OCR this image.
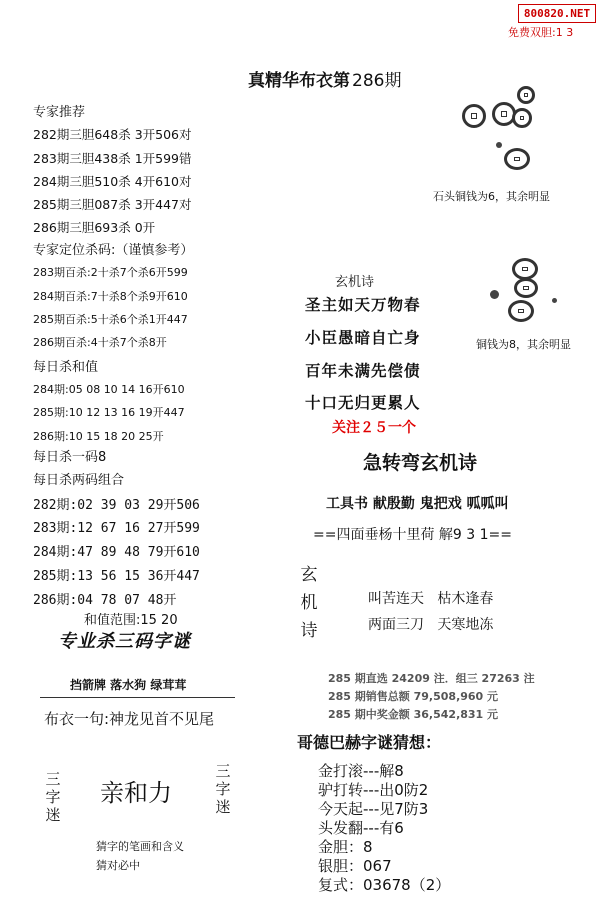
800820.NET
免费双胆:1 3
真精华布衣第 286期
专家推荐
282期三胆648杀 3开506对
283期三胆438杀 1开599错
284期三胆510杀 4开610对
285期三胆087杀 3开447对
286期三胆693杀 0开
专家定位杀码:（谨慎参考）
283期百杀:2十杀7个杀6开599
284期百杀:7十杀8个杀9开610
285期百杀:5十杀6个杀1开447
286期百杀:4十杀7个杀8开
每日杀和值
284期:05 08 10 14 16开610
285期:10 12 13 16 19开447
286期:10 15 18 20 25开
每日杀一码8
每日杀两码组合
282期:02 39 03 29开506
283期:12 67 16 27开599
284期:47 89 48 79开610
285期:13 56 15 36开447
286期:04 78 07 48开
和值范围:15 20
专业杀三码字谜
挡箭牌 落水狗 绿茸茸
布衣一句:神龙见首不见尾
三字迷
亲和力
三字迷
猜字的笔画和含义
猜对必中
石头铜钱为6，其余明显
铜钱为8，其余明显
玄机诗
圣主如天万物春
小臣愚暗自亡身
百年未满先偿债
十口无归更累人
关注２５一个
急转弯玄机诗
工具书 献殷勤 鬼把戏 呱呱叫
==四面垂杨十里荷 解9 3 1==
玄
机
诗
叫苦连天   枯木逢春
两面三刀   天寒地冻
285 期直选 24209 注．组三 27263 注
285 期销售总额 79,508,960 元
285 期中奖金额 36,542,831 元
哥德巴赫字谜猜想：
金打滚---解8
驴打转---出0防2
今天起---见7防3
头发翻---有6
金胆：8
银胆：067
复式：03678（2）
